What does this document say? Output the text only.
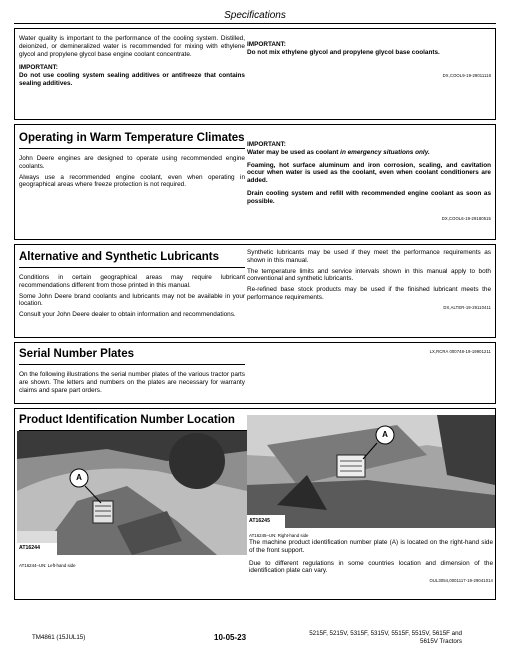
Specifications

Water quality is important to the performance of the cooling system. Distilled, deionized, or demineralized water is recommended for mixing with ethylene glycol and propylene glycol base engine coolant concentrate.

IMPORTANT:

Do not use cooling system sealing additives or antifreeze that contains sealing additives.

IMPORTANT:

Do not mix ethylene glycol and propylene glycol base coolants.

DX,COOL9-19-29011118

Operating in Warm Temperature Climates

John Deere engines are designed to operate using recommended engine coolants.

Always use a recommended engine coolant, even when operating in geographical areas where freeze protection is not required.

IMPORTANT:

Water may be used as coolant in emergency situations only.

Foaming, hot surface aluminum and iron corrosion, scaling, and cavitation occur when water is used as the coolant, even when coolant conditioners are added.

Drain cooling system and refill with recommended engine coolant as soon as possible.

DX,COOL6-19-29180515

Alternative and Synthetic Lubricants

Conditions in certain geographical areas may require lubricant recommendations different from those printed in this manual.

Some John Deere brand coolants and lubricants may not be available in your location.

Consult your John Deere dealer to obtain information and recommendations.

Synthetic lubricants may be used if they meet the performance requirements as shown in this manual.

The temperature limits and service intervals shown in this manual apply to both conventional and synthetic lubricants.

Re-refined base stock products may be used if the finished lubricant meets the performance requirements.

DX,ALTER-19-29110411

Serial Number Plates

On the following illustrations the serial number plates of the various tractor parts are shown. The letters and numbers on the plates are necessary for warranty claims and spare part orders.

LX,RCRA 000748-19-19901211

Product Identification Number Location
A
AT16244
AT16244–UN: Left-hand side
A
AT16245
AT16245–UN: Right-hand side

The machine product identification number plate (A) is located on the right-hand side of the front support.

Due to different regulations in some countries location and dimension of the identification plate can vary.

OUL3054,0001117-19-29041014

TM4861 (15JUL15)	10-05-23	5215F, 5215V, 5315F, 5315V, 5515F, 5515V, 5615F and
5615V Tractors
